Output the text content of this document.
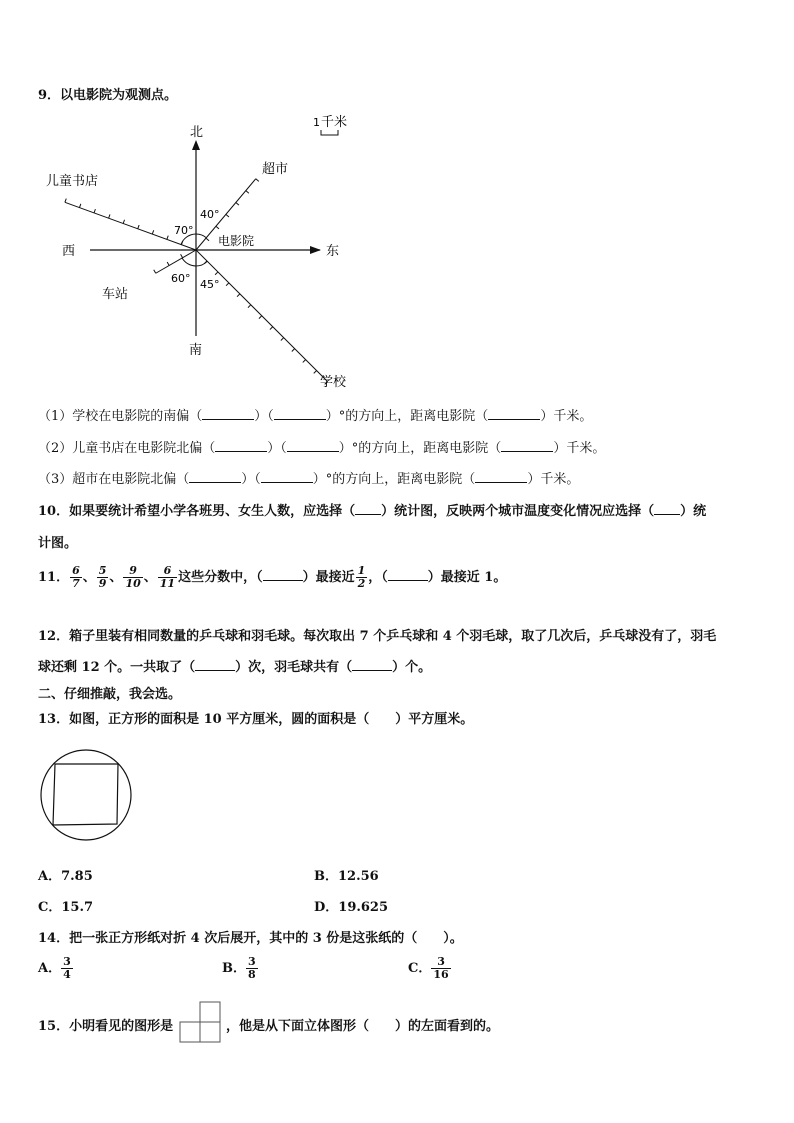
9．以电影院为观测点。
1 千米
北
南
西	东
电影院
超市
儿童书店
车站
学校
40°
70°
60° 45°
（1）学校在电影院的南偏（	）（	）°的方向上，距离电影院（	）千米。
（2）儿童书店在电影院北偏（	）（	）°的方向上，距离电影院（	）千米。
（3）超市在电影院北偏（	）（	）°的方向上，距离电影院（	）千米。
10．如果要统计希望小学各班男、女生人数，应选择（ ）统计图，反映两个城市温度变化情况应选择（ ）统
计图。
11． $\frac{6}{7}$ 、 $\frac{5}{9}$ 、 $\frac{9}{10}$ 、 $\frac{6}{11}$ 这些分数中，（	）最接近 $\frac{1}{2}$ ，（	）最接近 1。
12．箱子里装有相同数量的乒乓球和羽毛球。每次取出 7 个乒乓球和 4 个羽毛球，取了几次后，乒乓球没有了，羽毛
球还剩 12 个。一共取了（	）次，羽毛球共有（	）个。
二、仔细推敲，我会选。
13．如图，正方形的面积是 10 平方厘米，圆的面积是（　　）平方厘米。
A．7.85	B．12.56
C．15.7	D．19.625
14．把一张正方形纸对折 4 次后展开，其中的 3 份是这张纸的（　　）。
A． $\frac{3}{4}$	B． $\frac{3}{8}$	C． $\frac{3}{16}$
15．小明看见的图形是	，他是从下面立体图形（　　）的左面看到的。
